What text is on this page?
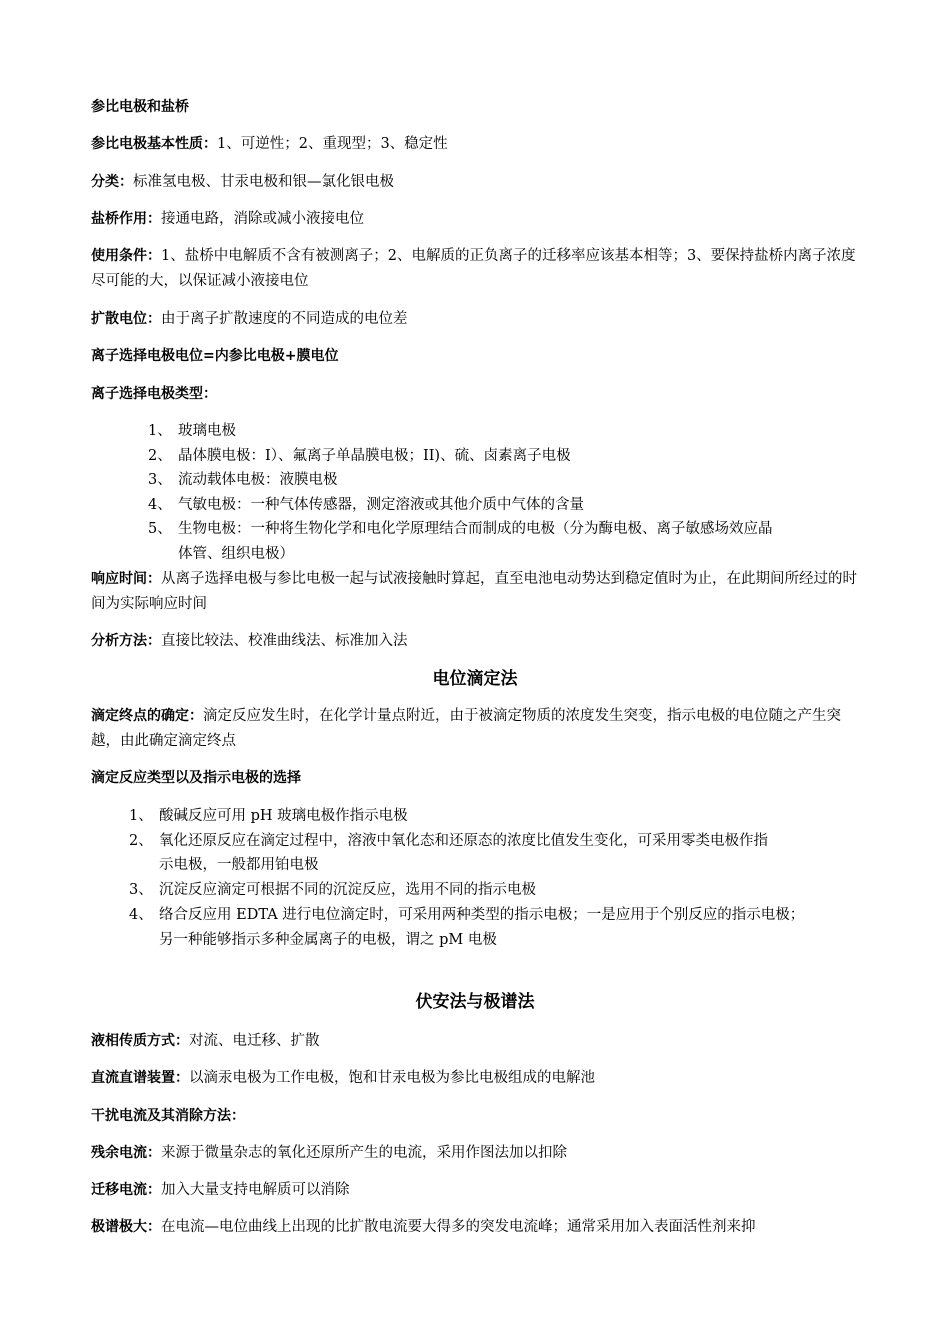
参比电极和盐桥
参比电极基本性质：1、可逆性；2、重现型；3、稳定性
分类：标准氢电极、甘汞电极和银—氯化银电极
盐桥作用：接通电路，消除或减小液接电位
使用条件：1、盐桥中电解质不含有被测离子；2、电解质的正负离子的迁移率应该基本相等；3、要保持盐桥内离子浓度尽可能的大，以保证减小液接电位
扩散电位：由于离子扩散速度的不同造成的电位差
离子选择电极电位=内参比电极+膜电位
离子选择电极类型：
1、 玻璃电极
2、 晶体膜电极：I）、氟离子单晶膜电极；II)、硫、卤素离子电极
3、 流动载体电极：液膜电极
4、 气敏电极：一种气体传感器，测定溶液或其他介质中气体的含量
5、 生物电极：一种将生物化学和电化学原理结合而制成的电极（分为酶电极、离子敏感场效应晶
体管、组织电极）
响应时间：从离子选择电极与参比电极一起与试液接触时算起，直至电池电动势达到稳定值时为止，在此期间所经过的时间为实际响应时间
分析方法：直接比较法、校准曲线法、标准加入法
电位滴定法
滴定终点的确定：滴定反应发生时，在化学计量点附近，由于被滴定物质的浓度发生突变，指示电极的电位随之产生突越，由此确定滴定终点
滴定反应类型以及指示电极的选择
1、 酸碱反应可用 pH 玻璃电极作指示电极
2、 氧化还原反应在滴定过程中，溶液中氧化态和还原态的浓度比值发生变化，可采用零类电极作指
示电极，一般都用铂电极
3、 沉淀反应滴定可根据不同的沉淀反应，选用不同的指示电极
4、 络合反应用 EDTA 进行电位滴定时，可采用两种类型的指示电极；一是应用于个别反应的指示电极；
另一种能够指示多种金属离子的电极，谓之 pM 电极
伏安法与极谱法
液相传质方式：对流、电迁移、扩散
直流直谱装置：以滴汞电极为工作电极，饱和甘汞电极为参比电极组成的电解池
干扰电流及其消除方法：
残余电流：来源于微量杂志的氧化还原所产生的电流，采用作图法加以扣除
迁移电流：加入大量支持电解质可以消除
极谱极大：在电流—电位曲线上出现的比扩散电流要大得多的突发电流峰；通常采用加入表面活性剂来抑
